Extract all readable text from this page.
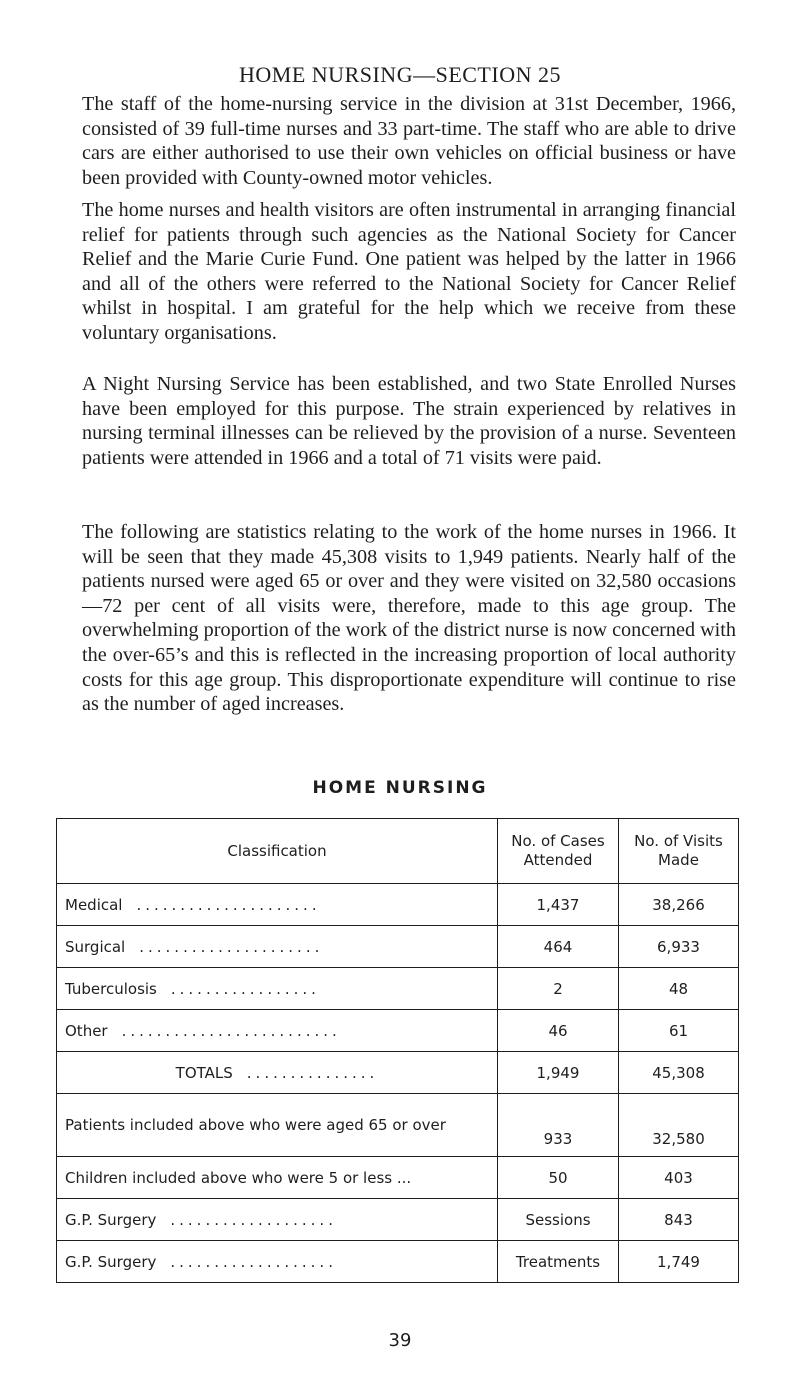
HOME NURSING—SECTION 25

The staff of the home-nursing service in the division at 31st December, 1966, consisted of 39 full-time nurses and 33 part-time. The staff who are able to drive cars are either authorised to use their own vehicles on official business or have been provided with County-owned motor vehicles.

The home nurses and health visitors are often instrumental in arranging financial relief for patients through such agencies as the National Society for Cancer Relief and the Marie Curie Fund. One patient was helped by the latter in 1966 and all of the others were referred to the National Society for Cancer Relief whilst in hospital. I am grateful for the help which we receive from these voluntary organisations.

A Night Nursing Service has been established, and two State Enrolled Nurses have been employed for this purpose. The strain experienced by relatives in nursing terminal illnesses can be relieved by the provision of a nurse. Seventeen patients were attended in 1966 and a total of 71 visits were paid.

The following are statistics relating to the work of the home nurses in 1966. It will be seen that they made 45,308 visits to 1,949 patients. Nearly half of the patients nursed were aged 65 or over and they were visited on 32,580 occasions—72 per cent of all visits were, therefore, made to this age group. The overwhelming proportion of the work of the district nurse is now concerned with the over-65’s and this is reflected in the increasing proportion of local authority costs for this age group. This disproportionate expenditure will continue to rise as the number of aged increases.

HOME NURSING
Classification	No. of Cases Attended	No. of Visits Made
Medical .....................	1,437	38,266
Surgical .....................	464	6,933
Tuberculosis .................	2	48
Other .........................	46	61
TOTALS ...............	1,949	45,308
Patients included above who were aged 65 or over	933	32,580
Children included above who were 5 or less ...	50	403
G.P. Surgery ...................	Sessions	843
G.P. Surgery ...................	Treatments	1,749
39
